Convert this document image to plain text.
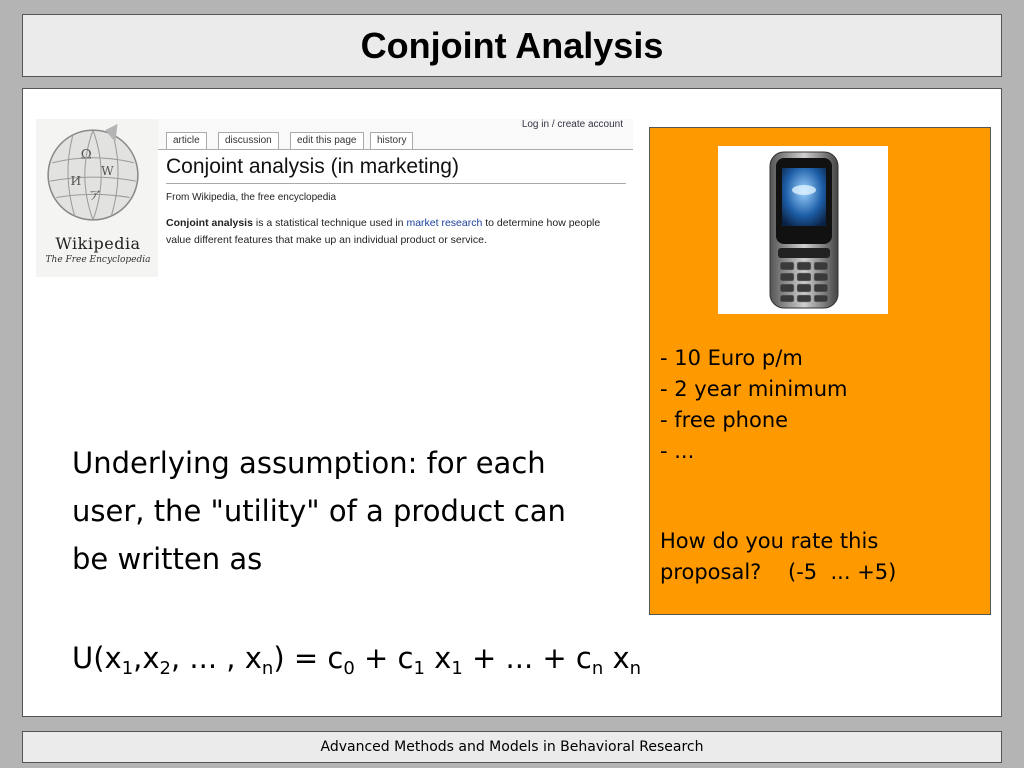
Conjoint Analysis
Ω
W
И
ア
Wikipedia
The Free Encyclopedia
Log in / create account
article	discussion	edit this page	history
Conjoint analysis (in marketing)
From Wikipedia, the free encyclopedia
Conjoint analysis is a statistical technique used in market research to determine how people value different features that make up an individual product or service.
- 10 Euro p/m
- 2 year minimum
- free phone
- ...
How do you rate this proposal?    (-5  ... +5)
Underlying assumption: for each user, the "utility" of a product can be written as
$U(x_1,x_2$, ... , $x_n) = c_0 + c_1$ $x_1$ + ... + $c_n$ $x_n$
Advanced Methods and Models in Behavioral Research
